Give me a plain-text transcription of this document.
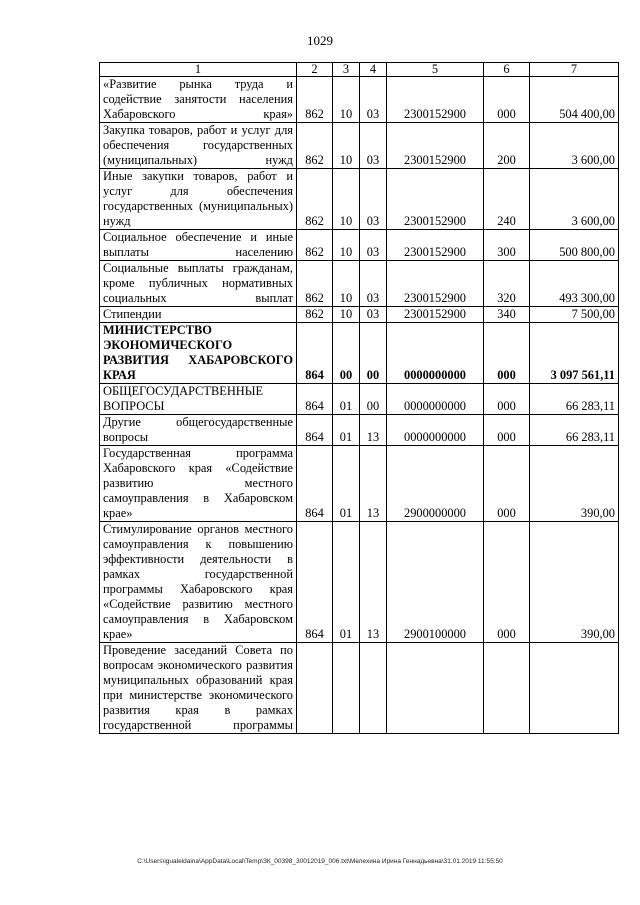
1029
1	2	3	4	5	6	7
«Развитие рынка труда и содействие занятости населения Хабаровского края»	862	10	03	2300152900	000	504 400,00
Закупка товаров, работ и услуг для обеспечения государственных (муниципальных) нужд	862	10	03	2300152900	200	3 600,00
Иные закупки товаров, работ и услуг для обеспечения государственных (муниципальных) нужд	862	10	03	2300152900	240	3 600,00
Социальное обеспечение и иные выплаты населению	862	10	03	2300152900	300	500 800,00
Социальные выплаты гражданам, кроме публичных нормативных социальных выплат	862	10	03	2300152900	320	493 300,00
Стипендии	862	10	03	2300152900	340	7 500,00
МИНИСТЕРСТВО ЭКОНОМИЧЕСКОГО РАЗВИТИЯ ХАБАРОВСКОГО КРАЯ	864	00	00	0000000000	000	3 097 561,11
ОБЩЕГОСУДАРСТВЕННЫЕ ВОПРОСЫ	864	01	00	0000000000	000	66 283,11
Другие общегосударственные вопросы	864	01	13	0000000000	000	66 283,11
Государственная программа Хабаровского края «Содействие развитию местного самоуправления в Хабаровском крае»	864	01	13	2900000000	000	390,00
Стимулирование органов местного самоуправления к повышению эффективности деятельности в рамках государственной программы Хабаровского края «Содействие развитию местного самоуправления в Хабаровском крае»	864	01	13	2900100000	000	390,00
Проведение заседаний Совета по вопросам экономического развития муниципальных образований края при министерстве экономического развития края в рамках государственной программы						
C:\Users\igualeldaina\AppData\Local\Temp\ЗК_00398_30012019_006.txt\Мелехина Ирина Геннадьевна\31.01.2019 11:55:50
